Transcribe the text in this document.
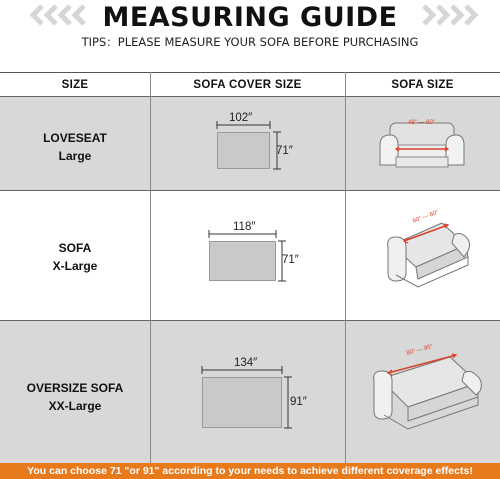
MEASURING GUIDE
TIPS：PLEASE MEASURE YOUR SOFA BEFORE PURCHASING
SIZE	SOFA COVER SIZE	SOFA SIZE
LOVESEAT
Large
102″
71″
48″ — 60″
SOFA
X-Large
118″
71″
60″ — 80″
OVERSIZE SOFA
XX-Large
134″
91″
80″ — 95″
You can choose 71 "or 91" according to your needs to achieve different coverage effects!
